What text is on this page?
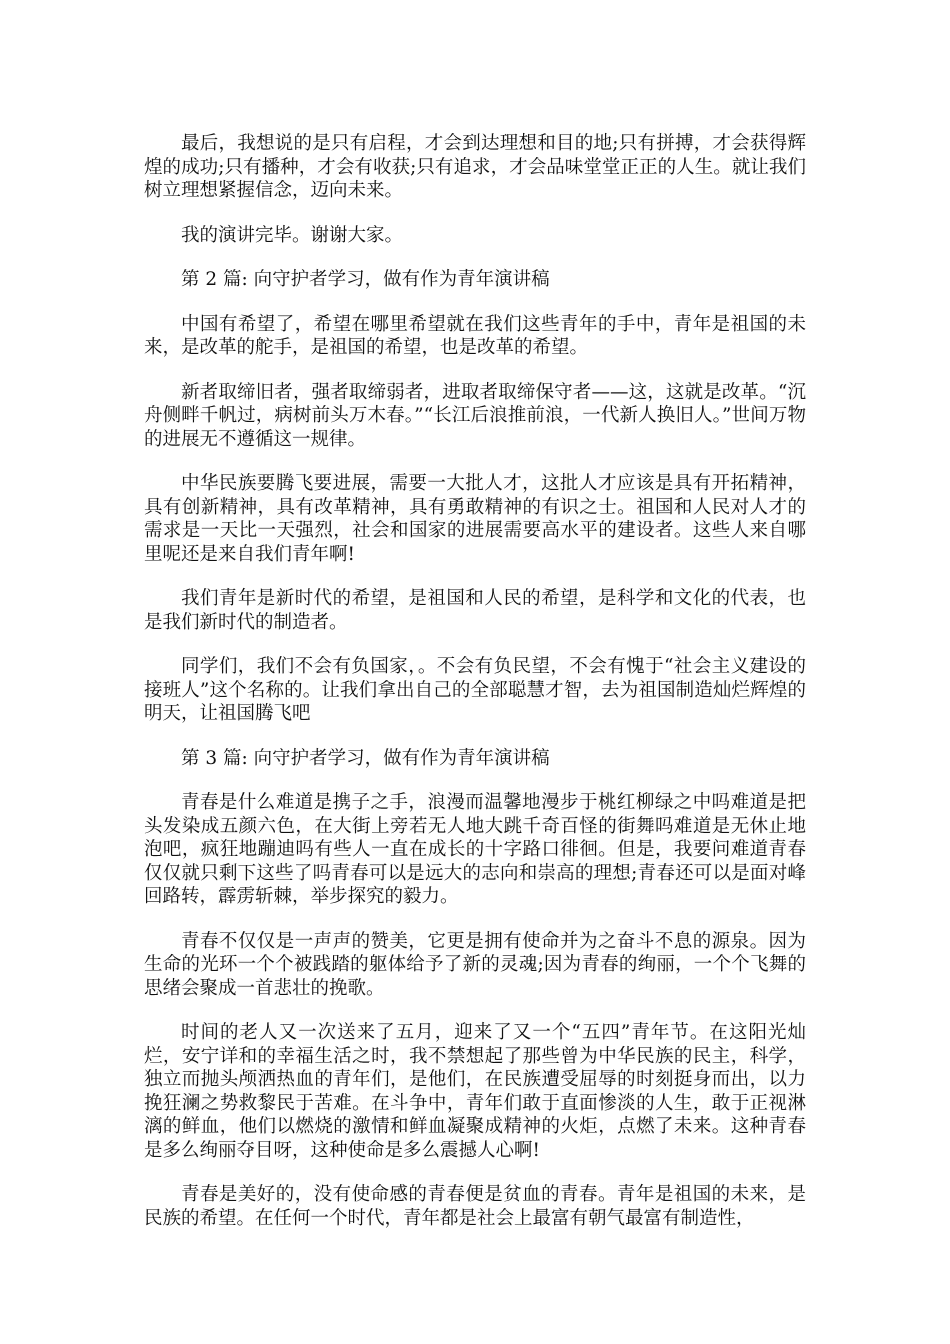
最后，我想说的是只有启程，才会到达理想和目的地;只有拼搏，才会获得辉煌的成功;只有播种，才会有收获;只有追求，才会品味堂堂正正的人生。就让我们树立理想紧握信念，迈向未来。

我的演讲完毕。谢谢大家。

第 2 篇: 向守护者学习，做有作为青年演讲稿

中国有希望了，希望在哪里希望就在我们这些青年的手中，青年是祖国的未来，是改革的舵手，是祖国的希望，也是改革的希望。

新者取缔旧者，强者取缔弱者，进取者取缔保守者——这，这就是改革。“沉舟侧畔千帆过，病树前头万木春。”“长江后浪推前浪，一代新人换旧人。”世间万物的进展无不遵循这一规律。

中华民族要腾飞要进展，需要一大批人才，这批人才应该是具有开拓精神，具有创新精神，具有改革精神，具有勇敢精神的有识之士。祖国和人民对人才的需求是一天比一天强烈，社会和国家的进展需要高水平的建设者。这些人来自哪里呢还是来自我们青年啊!

我们青年是新时代的希望，是祖国和人民的希望，是科学和文化的代表，也是我们新时代的制造者。

同学们，我们不会有负国家，。不会有负民望，不会有愧于“社会主义建设的接班人”这个名称的。让我们拿出自己的全部聪慧才智，去为祖国制造灿烂辉煌的明天，让祖国腾飞吧

第 3 篇: 向守护者学习，做有作为青年演讲稿

青春是什么难道是携子之手，浪漫而温馨地漫步于桃红柳绿之中吗难道是把头发染成五颜六色，在大街上旁若无人地大跳千奇百怪的街舞吗难道是无休止地泡吧，疯狂地蹦迪吗有些人一直在成长的十字路口徘徊。但是，我要问难道青春仅仅就只剩下这些了吗青春可以是远大的志向和崇高的理想;青春还可以是面对峰回路转，霹雳斩棘，举步探究的毅力。

青春不仅仅是一声声的赞美，它更是拥有使命并为之奋斗不息的源泉。因为生命的光环一个个被践踏的躯体给予了新的灵魂;因为青春的绚丽，一个个飞舞的思绪会聚成一首悲壮的挽歌。

时间的老人又一次送来了五月，迎来了又一个“五四”青年节。在这阳光灿烂，安宁详和的幸福生活之时，我不禁想起了那些曾为中华民族的民主，科学，独立而抛头颅洒热血的青年们，是他们，在民族遭受屈辱的时刻挺身而出，以力挽狂澜之势救黎民于苦难。在斗争中，青年们敢于直面惨淡的人生，敢于正视淋漓的鲜血，他们以燃烧的激情和鲜血凝聚成精神的火炬，点燃了未来。这种青春是多么绚丽夺目呀，这种使命是多么震撼人心啊!

青春是美好的，没有使命感的青春便是贫血的青春。青年是祖国的未来，是民族的希望。在任何一个时代，青年都是社会上最富有朝气最富有制造性，
